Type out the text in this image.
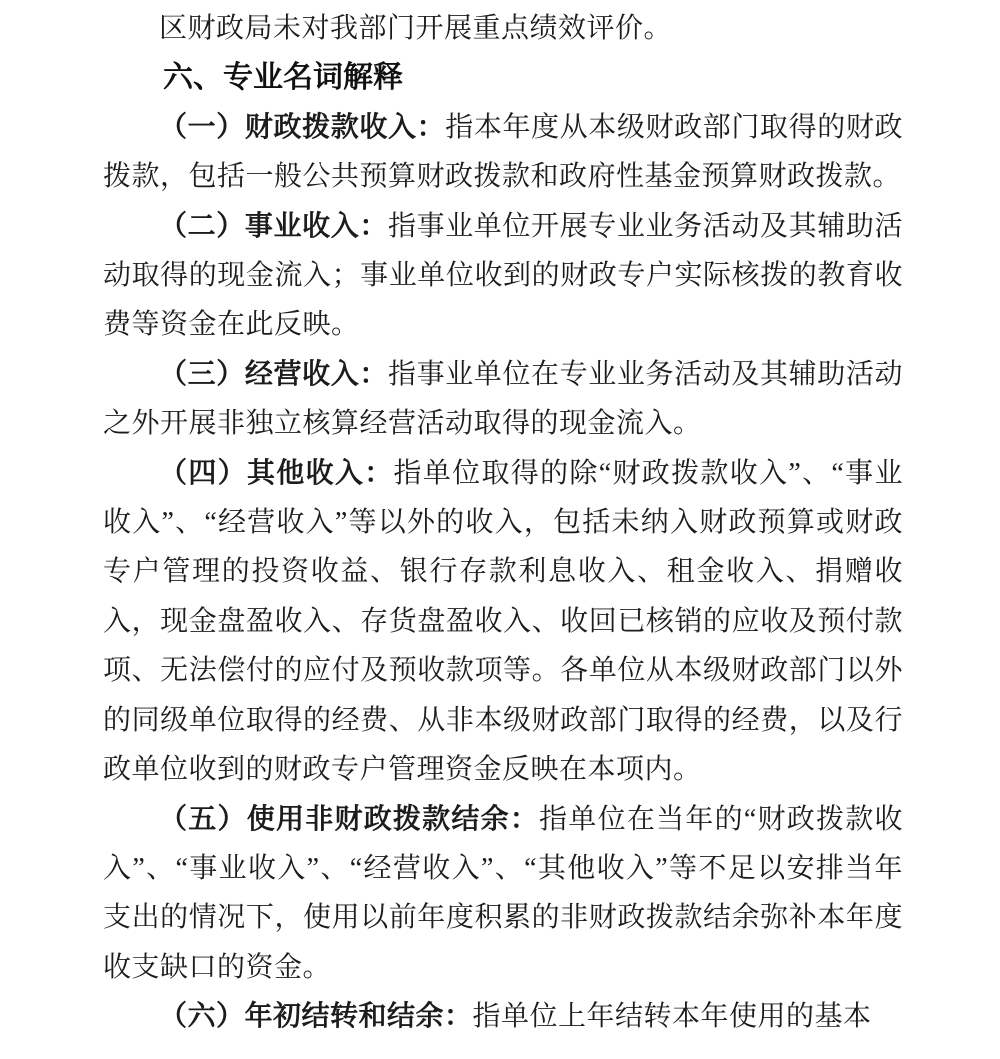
区财政局未对我部门开展重点绩效评价。

六、专业名词解释

（一）财政拨款收入：指本年度从本级财政部门取得的财政拨款，包括一般公共预算财政拨款和政府性基金预算财政拨款。

（二）事业收入：指事业单位开展专业业务活动及其辅助活动取得的现金流入；事业单位收到的财政专户实际核拨的教育收费等资金在此反映。

（三）经营收入：指事业单位在专业业务活动及其辅助活动之外开展非独立核算经营活动取得的现金流入。

（四）其他收入：指单位取得的除“财政拨款收入”、“事业收入”、“经营收入”等以外的收入，包括未纳入财政预算或财政专户管理的投资收益、银行存款利息收入、租金收入、捐赠收入，现金盘盈收入、存货盘盈收入、收回已核销的应收及预付款项、无法偿付的应付及预收款项等。各单位从本级财政部门以外的同级单位取得的经费、从非本级财政部门取得的经费，以及行政单位收到的财政专户管理资金反映在本项内。

（五）使用非财政拨款结余：指单位在当年的“财政拨款收入”、“事业收入”、“经营收入”、“其他收入”等不足以安排当年支出的情况下，使用以前年度积累的非财政拨款结余弥补本年度收支缺口的资金。

（六）年初结转和结余：指单位上年结转本年使用的基本
